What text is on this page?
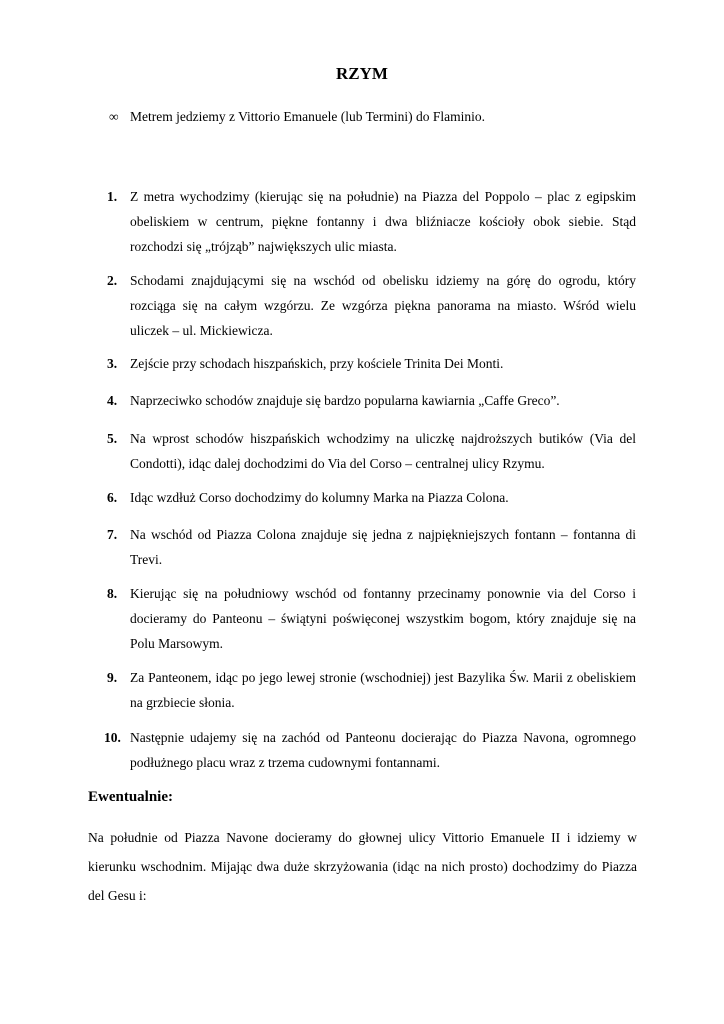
RZYM
∞ Metrem jedziemy z Vittorio Emanuele (lub Termini) do Flaminio.
1. Z metra wychodzimy (kierując się na południe) na Piazza del Poppolo – plac z egipskim obeliskiem w centrum, piękne fontanny i dwa bliźniacze kościoły obok siebie. Stąd rozchodzi się „trójząb” największych ulic miasta.
2. Schodami znajdującymi się na wschód od obelisku idziemy na górę do ogrodu, który rozciąga się na całym wzgórzu. Ze wzgórza piękna panorama na miasto. Wśród wielu uliczek – ul. Mickiewicza.
3. Zejście przy schodach hiszpańskich, przy kościele Trinita Dei Monti.
4. Naprzeciwko schodów znajduje się bardzo popularna kawiarnia „Caffe Greco”.
5. Na wprost schodów hiszpańskich wchodzimy na uliczkę najdroższych butików (Via del Condotti), idąc dalej dochodzimi do Via del Corso – centralnej ulicy Rzymu.
6. Idąc wzdłuż Corso dochodzimy do kolumny Marka na Piazza Colona.
7. Na wschód od Piazza Colona znajduje się jedna z najpiękniejszych fontann – fontanna di Trevi.
8. Kierując się na południowy wschód od fontanny przecinamy ponownie via del Corso i docieramy do Panteonu – świątyni poświęconej wszystkim bogom, który znajduje się na Polu Marsowym.
9. Za Panteonem, idąc po jego lewej stronie (wschodniej) jest Bazylika Św. Marii z obeliskiem na grzbiecie słonia.
10. Następnie udajemy się na zachód od Panteonu docierając do Piazza Navona, ogromnego podłużnego placu wraz z trzema cudownymi fontannami.
Ewentualnie:
Na południe od Piazza Navone docieramy do głownej ulicy Vittorio Emanuele II i idziemy w kierunku wschodnim. Mijając dwa duże skrzyżowania (idąc na nich prosto) dochodzimy do Piazza del Gesu i:
